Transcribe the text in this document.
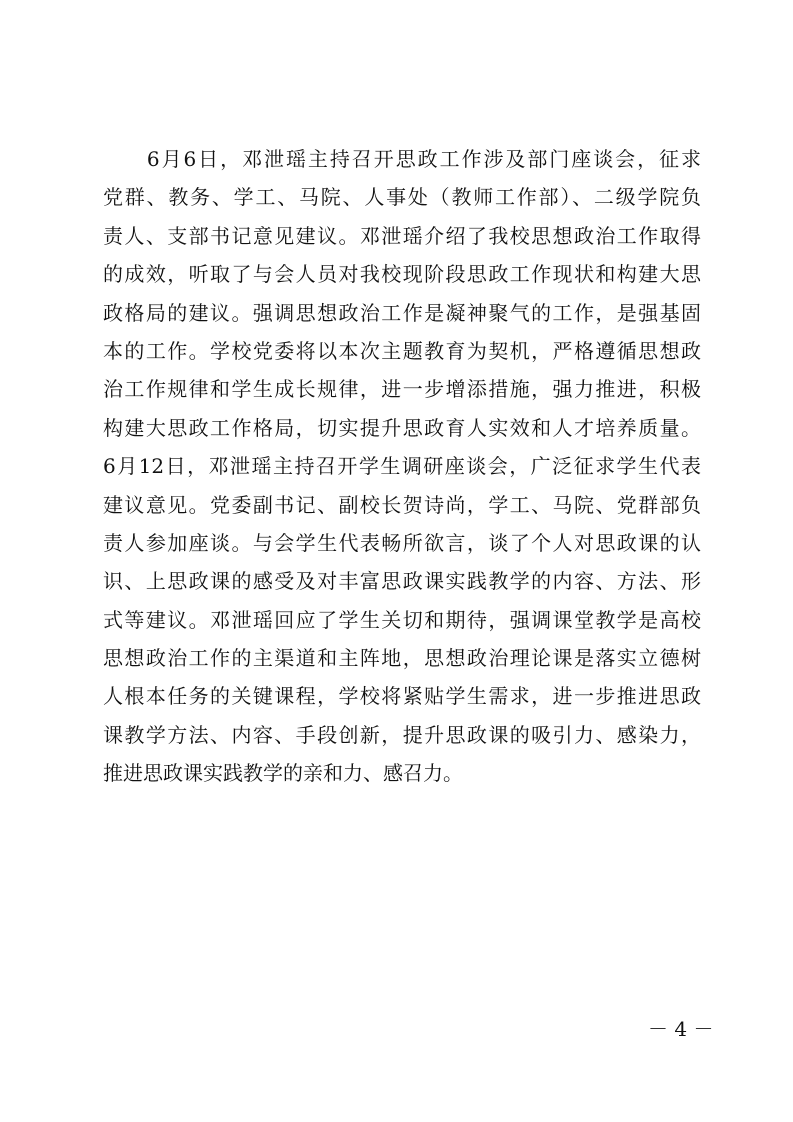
　　6月6日，邓泄瑶主持召开思政工作涉及部门座谈会，征求
党群、教务、学工、马院、人事处（教师工作部）、二级学院负
责人、支部书记意见建议。邓泄瑶介绍了我校思想政治工作取得
的成效，听取了与会人员对我校现阶段思政工作现状和构建大思
政格局的建议。强调思想政治工作是凝神聚气的工作，是强基固
本的工作。学校党委将以本次主题教育为契机，严格遵循思想政
治工作规律和学生成长规律，进一步增添措施，强力推进，积极
构建大思政工作格局，切实提升思政育人实效和人才培养质量。
6月12日，邓泄瑶主持召开学生调研座谈会，广泛征求学生代表
建议意见。党委副书记、副校长贺诗尚，学工、马院、党群部负
责人参加座谈。与会学生代表畅所欲言，谈了个人对思政课的认
识、上思政课的感受及对丰富思政课实践教学的内容、方法、形
式等建议。邓泄瑶回应了学生关切和期待，强调课堂教学是高校
思想政治工作的主渠道和主阵地，思想政治理论课是落实立德树
人根本任务的关键课程，学校将紧贴学生需求，进一步推进思政
课教学方法、内容、手段创新，提升思政课的吸引力、感染力，
推进思政课实践教学的亲和力、感召力。
－ 4 －
